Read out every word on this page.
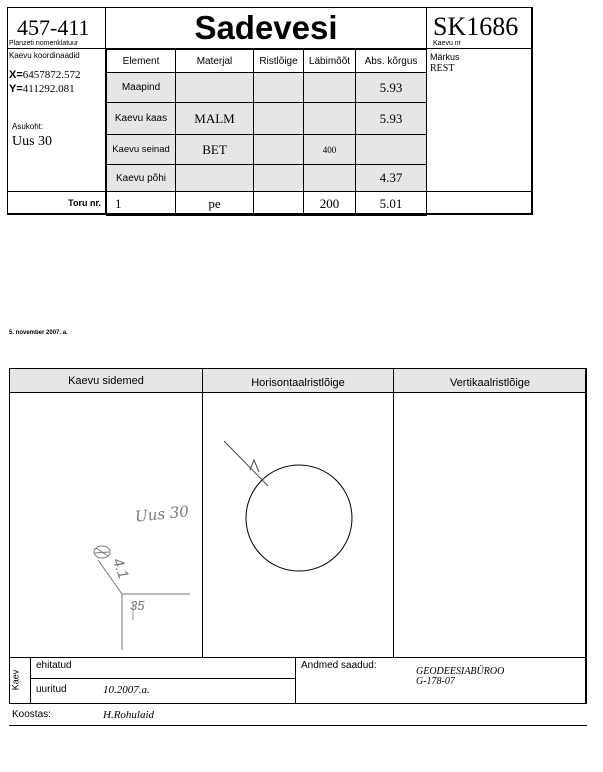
457-411
Planzeti nomenklatuur
Kaevu koordinaadid
X=6457872.572
Y=411292.081
Asukoht:
Uus 30
Toru nr.
Sadevesi	SK1686
Kaevu nr
Märkus
REST
Element	Materjal	Ristlõige	Läbimõõt	Abs. kõrgus
Maapind				5.93
Kaevu kaas	MALM			5.93
Kaevu seinad	BET		400	
Kaevu põhi				4.37
1	pe		200	5.01
5. november 2007. a.
Kaevu sidemed	Horisontaalristlõige	Vertikaalristlõige
Uus 30
4.1
35
Kaev
ehitatud
uuritud	10.2007.a.
Andmed saadud:
GEODEESIABÜROO
G-178-07
Koostas:	H.Rohulaid
